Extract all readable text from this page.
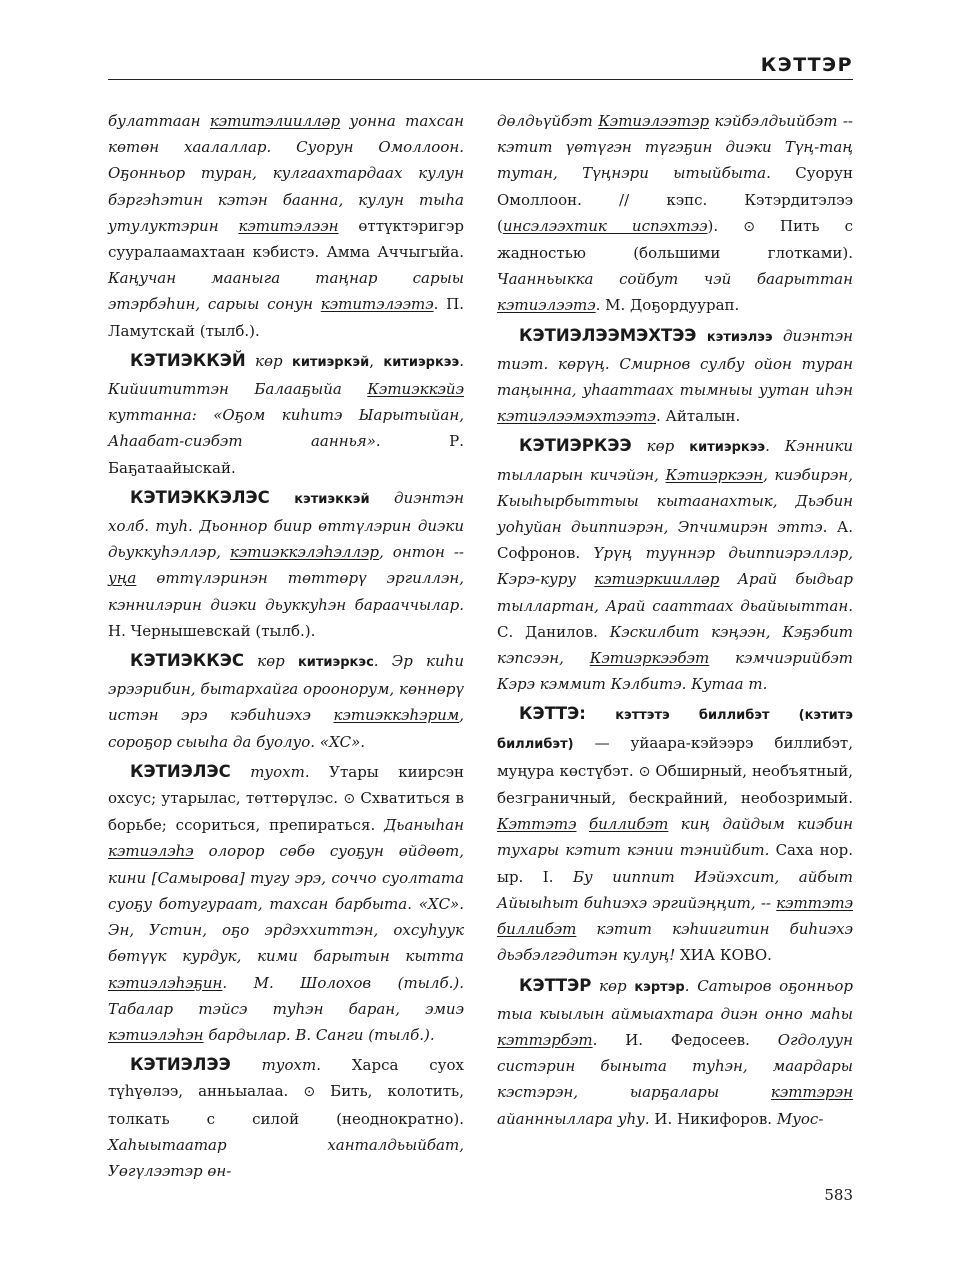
КЭТТЭР

булаттаан кэтитэлиилләр уонна тахсан көтөн хаалаллар. Суорун Омоллоон. Оҕонньор туран, кулгаахтардаах кулун бэргэһэтин кэтэн баанна, кулун тыһа утулуктэрин кэтитэлээн өттүктэригэр сууралаамахтаан кэбистэ. Амма Аччыгыйа. Каңучан мааныга таңнар сарыы этэрбэһин, сарыы сонун кэтитэлээтэ. П. Ламутскай (тылб.).

КЭТИЭККЭЙ көр китиэркэй, китиэркээ. Кийиититтэн Балааҕыйа Кэтиэккэйэ куттанна: «Оҕом киһитэ Ыарытыйан, Аһаабат-сиэбэт ааннья». Р. Баҕатаайыскай.

КЭТИЭККЭЛЭС кэтиэккэй диэнтэн холб. туһ. Дьоннор биир өттүлэрин диэки дьуккуһэллэр, кэтиэккэлэһэллэр, онтон -- уңа өттүлэринэн төттөрү эргиллэн, кэннилэрин диэки дьуккуһэн барааччылар. Н. Чернышевскай (тылб.).

КЭТИЭККЭС көр китиэркэс. Эр киһи эрээрибин, бытархайга ороонорум, көннөрү истэн эрэ кэбиһиэхэ кэтиэккэһэрим, сороҕор сыыһа да буолуо. «ХС».

КЭТИЭЛЭС туохт. Утары киирсэн охсус; утарылас, төттөрүлэс. ⊙ Схватиться в борьбе; ссориться, препираться. Дьаныһан кэтиэлэһэ олорор сөбө суоҕун өйдөөт, кини [Самырова] тугу эрэ, соччо суолтата суоҕу ботугураат, тахсан барбыта. «ХС». Эн, Устин, оҕо эрдэххиттэн, охсуһуук бөтүүк курдук, кими барытын кытта кэтиэлэһэҕин. М. Шолохов (тылб.). Табалар тэйсэ туһэн баран, эмиэ кэтиэлэһэн бардылар. В. Санги (тылб.).

КЭТИЭЛЭЭ туохт. Харса суох түһүөлээ, анньыалаа. ⊙ Бить, колотить, толкать с силой (неоднократно). Хаһыытаатар ханталдьыйбат, Уөгүлээтэр өн-

дөлдьүйбэт Кэтиэлээтэр кэйбэлдьийбэт -- кэтит үөтүгэн түгэҕин диэки Түң-таң тутан, Түңнэри ытыйбыта. Суорун Омоллоон. // кэпс. Кэтэрдитэлээ (инсэлээхтик испэхтээ). ⊙ Пить с жадностью (большими глотками). Чаанньыкка сойбут чэй баарыттан кэтиэлээтэ. М. Доҕордуурап.

КЭТИЭЛЭЭМЭХТЭЭ кэтиэлээ диэнтэн тиэт. көрүң. Смирнов сулбу ойон туран таңынна, уһааттаах тымныы уутан иһэн кэтиэлээмэхтээтэ. Айталын.

КЭТИЭРКЭЭ көр китиэркээ. Кэнники тылларын кичэйэн, Кэтиэркээн, киэбирэн, Кыыһырбыттыы кытаанахтык, Дьэбин уоһуйан дьиппиэрэн, Эпчимирэн эттэ. А. Софронов. Үрүң туүннэр дьиппиэрэллэр, Кэрэ-куру кэтиэркиилләр Арай быдьар тыллартан, Арай сааттаах дьайыыттан. С. Данилов. Кэскилбит кэңээн, Кэҕэбит кэпсээн, Кэтиэркээбэт кэмчиэрийбэт Кэрэ кэммит Кэлбитэ. Кутаа т.

КЭТТЭ: кэттэтэ биллибэт (кэтитэ биллибэт) — уйаара-кэйээрэ биллибэт, муңура көстүбэт. ⊙ Обширный, необъятный, безграничный, бескрайний, необозримый. Кэттэтэ биллибэт киң дайдым киэбин тухары кэтит кэнии тэнийбит. Саха нор. ыр. I. Бу ииппит Иэйэхсит, айбыт Айыыһыт биһиэхэ эргийэңңит, -- кэттэтэ биллибэт кэтит кэһиигитин биһиэхэ дьэбэлгэдитэн кулуң! ХИА КОВО.

КЭТТЭР көр кэртэр. Сатыров оҕонньор тыа кыылын аймыахтара диэн онно маһы кэттэрбэт. И. Федосеев. Огдолуун систэрин быныта туһэн, маардары кэстэрэн, ыарҕалары кэттэрэн айаннныллара уһу. И. Никифоров. Муос-

583
